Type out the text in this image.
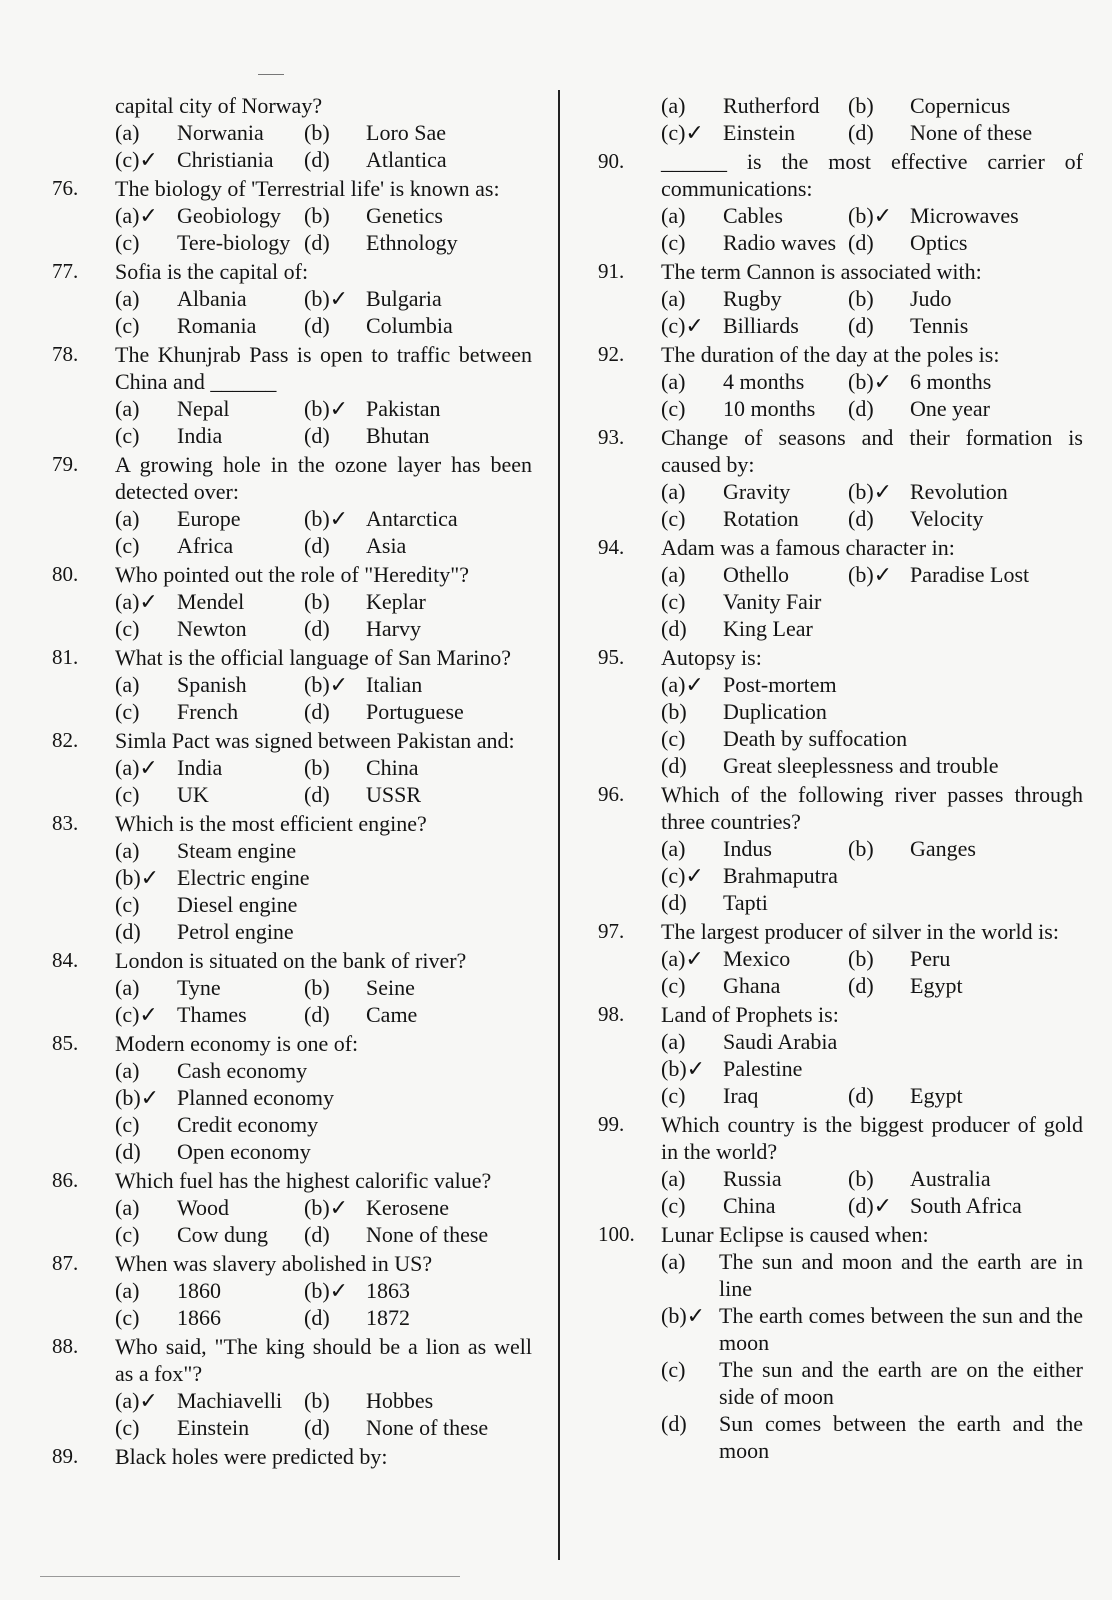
capital city of Norway?
(a)	Norwania	(b)	Loro Sae
(c)✓ Christiania	(d)	Atlantica
76.	The biology of 'Terrestrial life' is known as:
(a)✓ Geobiology	(b)	Genetics
(c)	Tere-biology (d)	Ethnology
77.	Sofia is the capital of:
(a)	Albania	(b)✓ Bulgaria
(c)	Romania	(d)	Columbia
78.	The Khunjrab Pass is open to traffic between China and ______
(a)	Nepal	(b)✓ Pakistan
(c)	India	(d)	Bhutan
79.	A growing hole in the ozone layer has been detected over:
(a)	Europe	(b)✓ Antarctica
(c)	Africa	(d)	Asia
80.	Who pointed out the role of "Heredity"?
(a)✓ Mendel	(b)	Keplar
(c)	Newton	(d)	Harvy
81.	What is the official language of San Marino?
(a)	Spanish	(b)✓ Italian
(c)	French	(d)	Portuguese
82.	Simla Pact was signed between Pakistan and:
(a)✓ India	(b)	China
(c)	UK	(d)	USSR
83.	Which is the most efficient engine?
(a)	Steam engine
(b)✓ Electric engine
(c)	Diesel engine
(d)	Petrol engine
84.	London is situated on the bank of river?
(a)	Tyne	(b)	Seine
(c)✓ Thames	(d)	Came
85.	Modern economy is one of:
(a)	Cash economy
(b)✓ Planned economy
(c)	Credit economy
(d)	Open economy
86.	Which fuel has the highest calorific value?
(a)	Wood	(b)✓ Kerosene
(c)	Cow dung	(d)	None of these
87.	When was slavery abolished in US?
(a)	1860	(b)✓ 1863
(c)	1866	(d)	1872
88.	Who said, "The king should be a lion as well as a fox"?
(a)✓ Machiavelli (b)	Hobbes
(c)	Einstein	(d)	None of these
89.	Black holes were predicted by:
(a)	Rutherford	(b)	Copernicus
(c)✓ Einstein	(d)	None of these
90.	______ is the most effective carrier of communications:
(a)	Cables	(b)✓ Microwaves
(c)	Radio waves (d)	Optics
91.	The term Cannon is associated with:
(a)	Rugby	(b)	Judo
(c)✓ Billiards	(d)	Tennis
92.	The duration of the day at the poles is:
(a)	4 months	(b)✓ 6 months
(c)	10 months	(d)	One year
93.	Change of seasons and their formation is caused by:
(a)	Gravity	(b)✓ Revolution
(c)	Rotation	(d)	Velocity
94.	Adam was a famous character in:
(a)	Othello	(b)✓ Paradise Lost
(c)	Vanity Fair
(d)	King Lear
95.	Autopsy is:
(a)✓ Post-mortem
(b)	Duplication
(c)	Death by suffocation
(d)	Great sleeplessness and trouble
96.	Which of the following river passes through three countries?
(a)	Indus	(b)	Ganges
(c)✓ Brahmaputra
(d)	Tapti
97.	The largest producer of silver in the world is:
(a)✓ Mexico	(b)	Peru
(c)	Ghana	(d)	Egypt
98.	Land of Prophets is:
(a)	Saudi Arabia
(b)✓ Palestine
(c)	Iraq	(d)	Egypt
99.	Which country is the biggest producer of gold in the world?
(a)	Russia	(b)	Australia
(c)	China	(d)✓ South Africa
100.	Lunar Eclipse is caused when:
(a)	The sun and moon and the earth are in line
(b)✓ The earth comes between the sun and the moon
(c)	The sun and the earth are on the either side of moon
(d)	Sun comes between the earth and the moon
